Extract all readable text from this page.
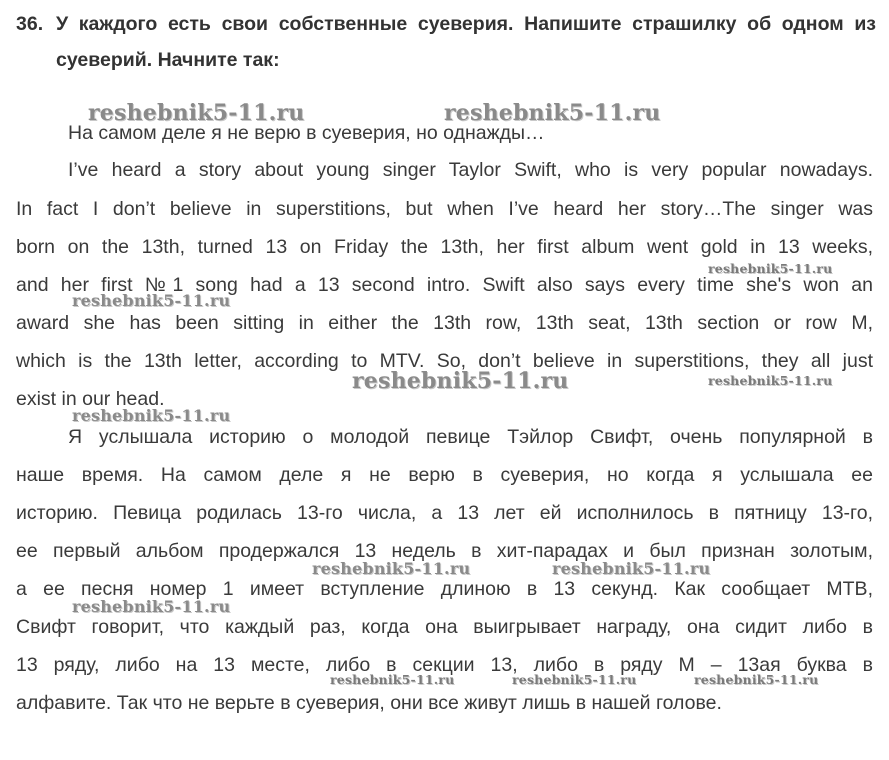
36. У каждого есть свои собственные суеверия. Напишите страшилку об одном из суеверий. Начните так:
reshebnik5-11.ru	reshebnik5-11.ru
reshebnik5-11.ru
reshebnik5-11.ru
reshebnik5-11.ru	reshebnik5-11.ru
reshebnik5-11.ru
reshebnik5-11.ru	reshebnik5-11.ru
reshebnik5-11.ru
reshebnik5-11.ru	reshebnik5-11.ru	reshebnik5-11.ru
На самом деле я не верю в суеверия, но однажды…
I’ve heard a story about young singer Taylor Swift, who is very popular nowadays.
In fact I don’t believe in superstitions, but when I’ve heard her story…The singer was
born on the 13th, turned 13 on Friday the 13th, her first album went gold in 13 weeks,
and her first №1 song had a 13 second intro. Swift also says every time she's won an
award she has been sitting in either the 13th row, 13th seat, 13th section or row M,
which is the 13th letter, according to MTV. So, don’t believe in superstitions, they all just
exist in our head.
Я услышала историю о молодой певице Тэйлор Свифт, очень популярной в
наше время. На самом деле я не верю в суеверия, но когда я услышала ее
историю. Певица родилась 13-го числа, а 13 лет ей исполнилось в пятницу 13-го,
ее первый альбом продержался 13 недель в хит-парадах и был признан золотым,
а ее песня номер 1 имеет вступление длиною в 13 секунд. Как сообщает МТВ,
Свифт говорит, что каждый раз, когда она выигрывает награду, она сидит либо в
13 ряду, либо на 13 месте, либо в секции 13, либо в ряду М – 13ая буква в
алфавите. Так что не верьте в суеверия, они все живут лишь в нашей голове.
